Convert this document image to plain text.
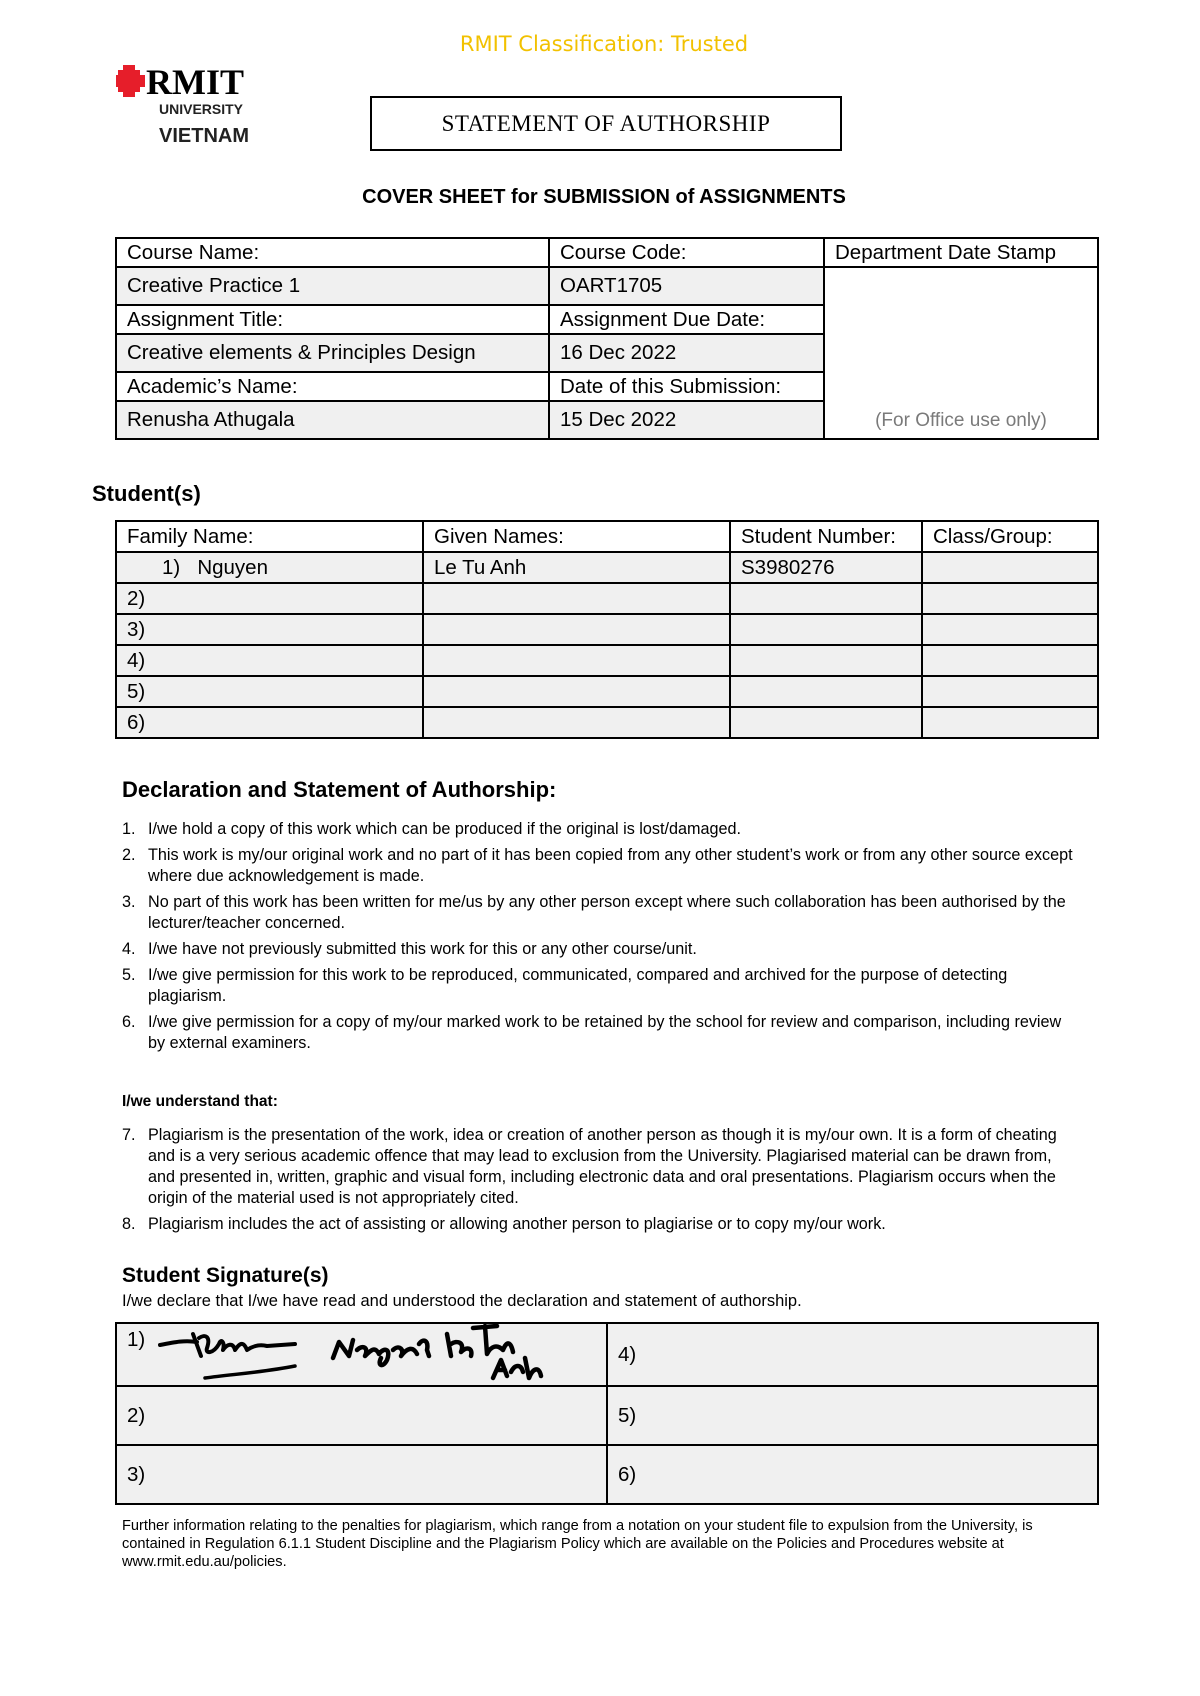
RMIT Classification: Trusted
RMIT
UNIVERSITY
VIETNAM
STATEMENT OF AUTHORSHIP
COVER SHEET for SUBMISSION of ASSIGNMENTS
Course Name:	Course Code:	Department Date Stamp
Creative Practice 1	OART1705	(For Office use only)
Assignment Title:	Assignment Due Date:	
Creative elements & Principles Design	16 Dec 2022	
Academic’s Name:	Date of this Submission:	
Renusha Athugala	15 Dec 2022	
Student(s)
Family Name:	Given Names:	Student Number:	Class/Group:
1)   Nguyen	Le Tu Anh	S3980276	
2)			
3)			
4)			
5)			
6)			
Declaration and Statement of Authorship:
1. I/we hold a copy of this work which can be produced if the original is lost/damaged.
2. This work is my/our original work and no part of it has been copied from any other student’s work or from any other source except where due acknowledgement is made.
3. No part of this work has been written for me/us by any other person except where such collaboration has been authorised by the lecturer/teacher concerned.
4. I/we have not previously submitted this work for this or any other course/unit.
5. I/we give permission for this work to be reproduced, communicated, compared and archived for the purpose of detecting plagiarism.
6. I/we give permission for a copy of my/our marked work to be retained by the school for review and comparison, including review by external examiners.
I/we understand that:
7. Plagiarism is the presentation of the work, idea or creation of another person as though it is my/our own. It is a form of cheating and is a very serious academic offence that may lead to exclusion from the University. Plagiarised material can be drawn from, and presented in, written, graphic and visual form, including electronic data and oral presentations. Plagiarism occurs when the origin of the material used is not appropriately cited.
8. Plagiarism includes the act of assisting or allowing another person to plagiarise or to copy my/our work.
Student Signature(s)
I/we declare that I/we have read and understood the declaration and statement of authorship.
1)	4)
2)	5)
3)	6)
Further information relating to the penalties for plagiarism, which range from a notation on your student file to expulsion from the University, is contained in Regulation 6.1.1 Student Discipline and the Plagiarism Policy which are available on the Policies and Procedures website at www.rmit.edu.au/policies.
